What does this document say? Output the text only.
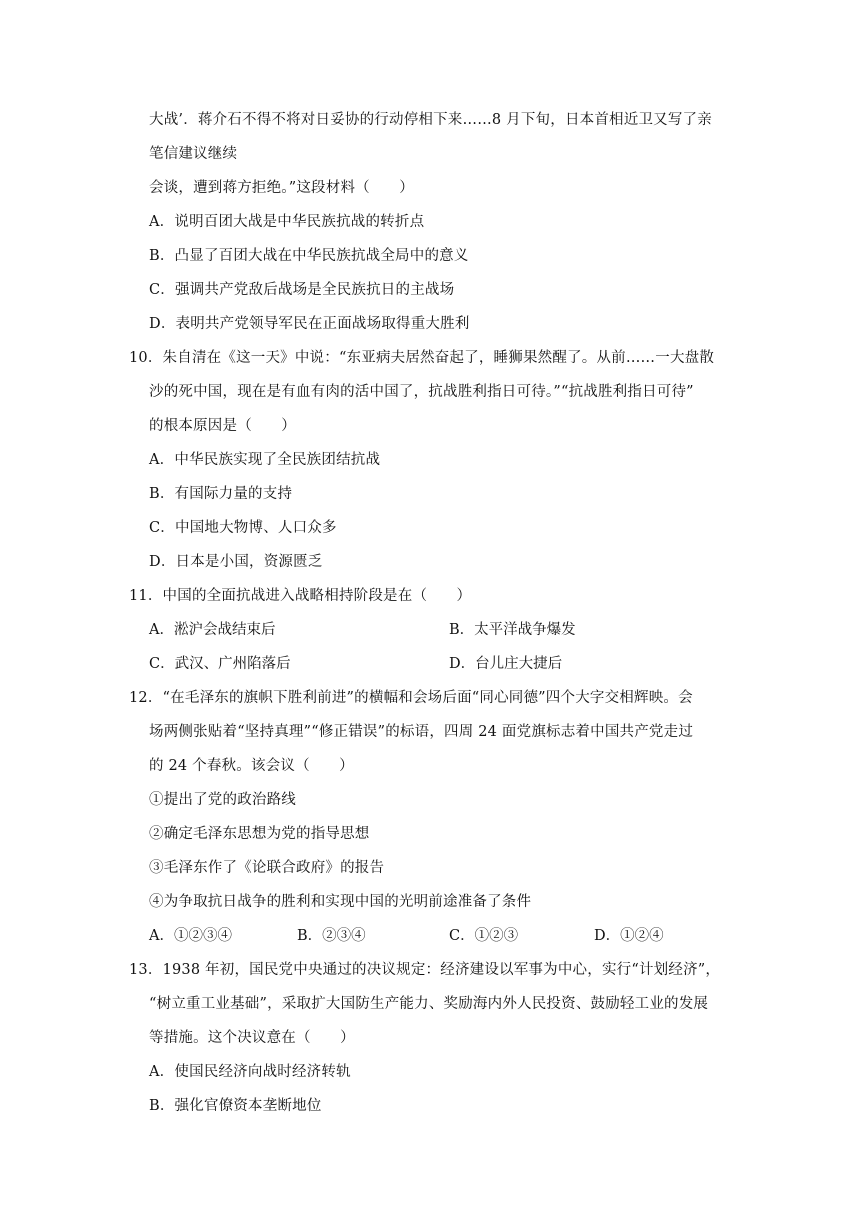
大战’．蒋介石不得不将对日妥协的行动停相下来……8 月下旬，日本首相近卫又写了亲
笔信建议继续
会谈，遭到蒋方拒绝。”这段材料（　　）
A．说明百团大战是中华民族抗战的转折点
B．凸显了百团大战在中华民族抗战全局中的意义
C．强调共产党敌后战场是全民族抗日的主战场
D．表明共产党领导军民在正面战场取得重大胜利
10．朱自清在《这一天》中说：“东亚病夫居然奋起了，睡狮果然醒了。从前……一大盘散
沙的死中国，现在是有血有肉的活中国了，抗战胜利指日可待。”“抗战胜利指日可待”
的根本原因是（　　）
A．中华民族实现了全民族团结抗战
B．有国际力量的支持
C．中国地大物博、人口众多
D．日本是小国，资源匮乏
11．中国的全面抗战进入战略相持阶段是在（　　）
A．淞沪会战结束后	B．太平洋战争爆发
C．武汉、广州陷落后	D．台儿庄大捷后
12．“在毛泽东的旗帜下胜利前进”的横幅和会场后面“同心同德”四个大字交相辉映。会
场两侧张贴着“坚持真理”“修正错误”的标语，四周 24 面党旗标志着中国共产党走过
的 24 个春秋。该会议（　　）
①提出了党的政治路线
②确定毛泽东思想为党的指导思想
③毛泽东作了《论联合政府》的报告
④为争取抗日战争的胜利和实现中国的光明前途准备了条件
A．①②③④	B．②③④	C．①②③	D．①②④
13．1938 年初，国民党中央通过的决议规定：经济建设以军事为中心，实行“计划经济”，
“树立重工业基础”，采取扩大国防生产能力、奖励海内外人民投资、鼓励轻工业的发展
等措施。这个决议意在（　　）
A．使国民经济向战时经济转轨
B．强化官僚资本垄断地位
